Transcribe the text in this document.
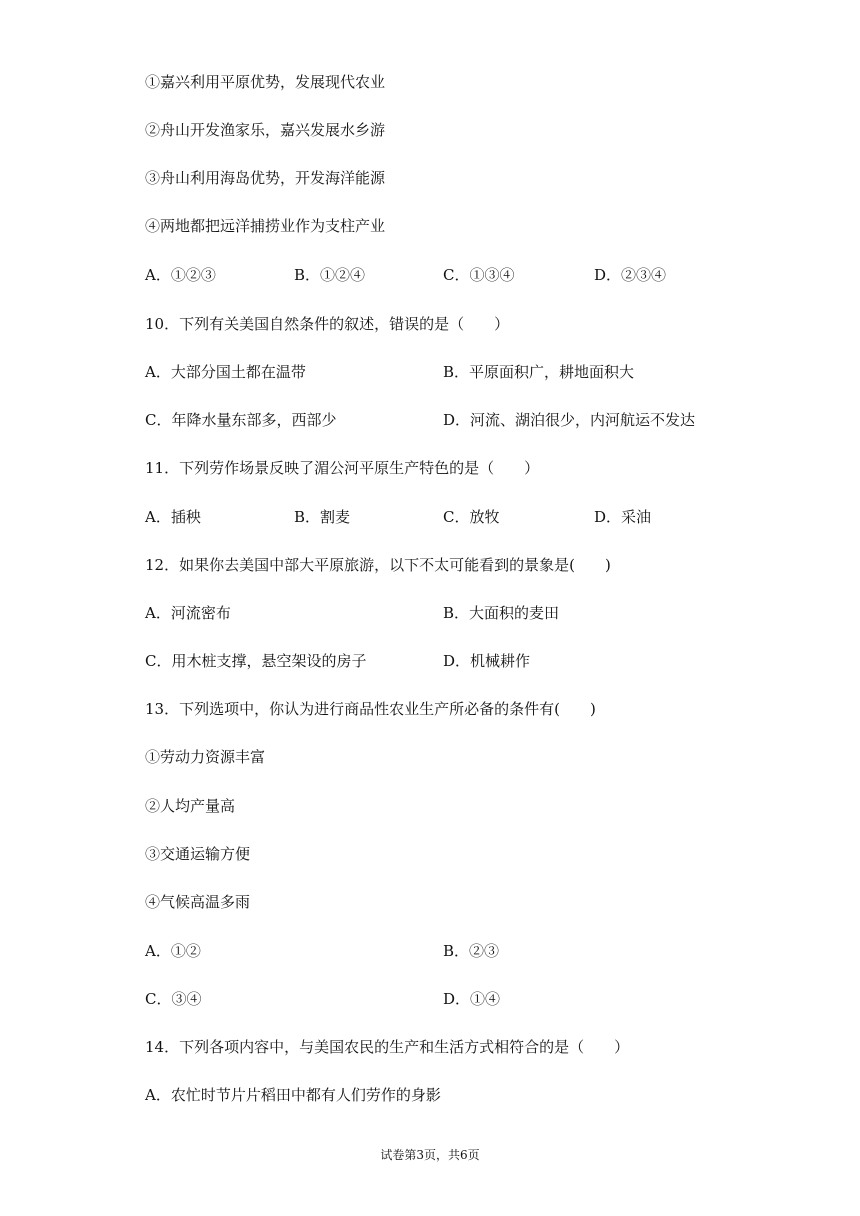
①嘉兴利用平原优势，发展现代农业
②舟山开发渔家乐，嘉兴发展水乡游
③舟山利用海岛优势，开发海洋能源
④两地都把远洋捕捞业作为支柱产业
A．①②③	B．①②④	C．①③④	D．②③④
10．下列有关美国自然条件的叙述，错误的是（　　）
A．大部分国土都在温带	B．平原面积广，耕地面积大
C．年降水量东部多，西部少	D．河流、湖泊很少，内河航运不发达
11．下列劳作场景反映了湄公河平原生产特色的是（　　）
A．插秧	B．割麦	C．放牧	D．采油
12．如果你去美国中部大平原旅游，以下不太可能看到的景象是(　　)
A．河流密布	B．大面积的麦田
C．用木桩支撑，悬空架设的房子	D．机械耕作
13．下列选项中，你认为进行商品性农业生产所必备的条件有(　　)
①劳动力资源丰富
②人均产量高
③交通运输方便
④气候高温多雨
A．①②	B．②③
C．③④	D．①④
14．下列各项内容中，与美国农民的生产和生活方式相符合的是（　　）
A．农忙时节片片稻田中都有人们劳作的身影
试卷第3页，共6页
